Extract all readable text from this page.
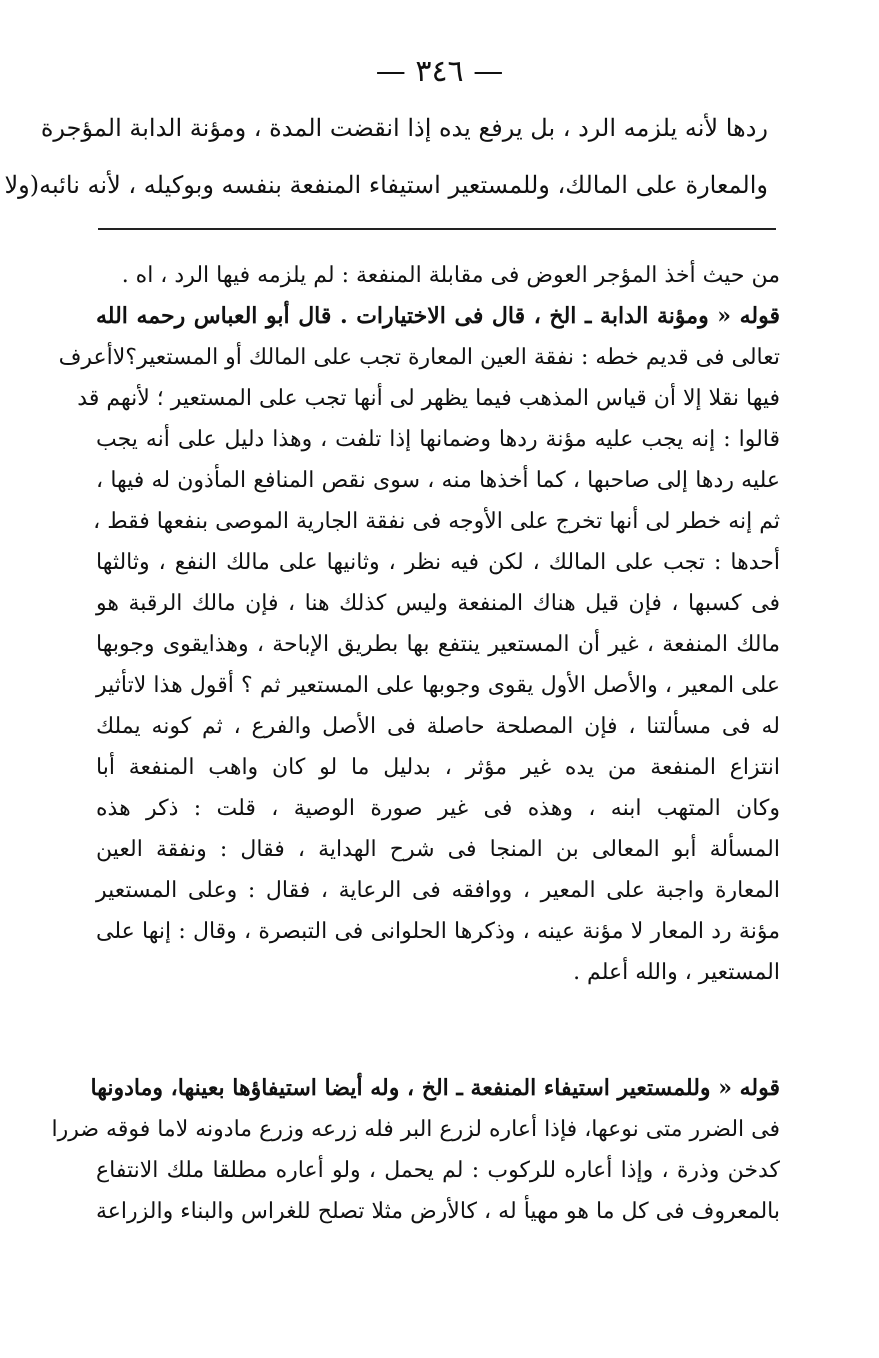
— ٣٤٦ —
ردها لأنه يلزمه الرد ، بل يرفع يده إذا انقضت المدة ، ومؤنة الدابة المؤجرة
والمعارة على المالك، وللمستعير استيفاء المنفعة بنفسه وبوكيله ، لأنه نائبه(ولا
من حيث أخذ المؤجر العوض فى مقابلة المنفعة : لم يلزمه فيها الرد ، اه .
قوله « ومؤنة الدابة ـ الخ ، قال فى الاختيارات . قال أبو العباس رحمه الله
تعالى فى قديم خطه : نفقة العين المعارة تجب على المالك أو المستعير؟لاأعرف
فيها نقلا إلا أن قياس المذهب فيما يظهر لى أنها تجب على المستعير ؛ لأنهم قد
قالوا : إنه يجب عليه مؤنة ردها وضمانها إذا تلفت ، وهذا دليل على أنه يجب
عليه ردها إلى صاحبها ، كما أخذها منه ، سوى نقص المنافع المأذون له فيها ،
ثم إنه خطر لى أنها تخرج على الأوجه فى نفقة الجارية الموصى بنفعها فقط ،
أحدها : تجب على المالك ، لكن فيه نظر ، وثانيها على مالك النفع ، وثالثها
فى كسبها ، فإن قيل هناك المنفعة وليس كذلك هنا ، فإن مالك الرقبة هو
مالك المنفعة ، غير أن المستعير ينتفع بها بطريق الإباحة ، وهذايقوى وجوبها
على المعير ، والأصل الأول يقوى وجوبها على المستعير ثم ؟ أقول هذا لاتأثير
له فى مسألتنا ، فإن المصلحة حاصلة فى الأصل والفرع ، ثم كونه يملك
انتزاع المنفعة من يده غير مؤثر ، بدليل ما لو كان واهب المنفعة أبا
وكان المتهب ابنه ، وهذه فى غير صورة الوصية ، قلت : ذكر هذه
المسألة أبو المعالى بن المنجا فى شرح الهداية ، فقال : ونفقة العين
المعارة واجبة على المعير ، ووافقه فى الرعاية ، فقال : وعلى المستعير
مؤنة رد المعار لا مؤنة عينه ، وذكرها الحلوانى فى التبصرة ، وقال : إنها على
المستعير ، والله أعلم .
قوله « وللمستعير استيفاء المنفعة ـ الخ ، وله أيضا استيفاؤها بعينها، ومادونها
فى الضرر متى نوعها، فإذا أعاره لزرع البر فله زرعه وزرع مادونه لاما فوقه ضررا
كدخن وذرة ، وإذا أعاره للركوب : لم يحمل ، ولو أعاره مطلقا ملك الانتفاع
بالمعروف فى كل ما هو مهيأ له ، كالأرض مثلا تصلح للغراس والبناء والزراعة
